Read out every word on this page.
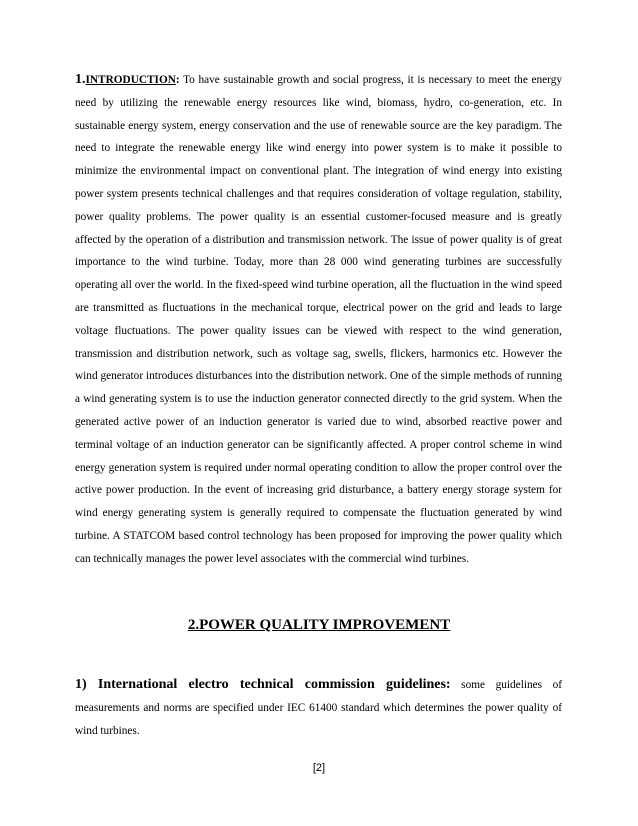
1.INTRODUCTION: To have sustainable growth and social progress, it is necessary to meet the energy need by utilizing the renewable energy resources like wind, biomass, hydro, co-generation, etc. In sustainable energy system, energy conservation and the use of renewable source are the key paradigm. The need to integrate the renewable energy like wind energy into power system is to make it possible to minimize the environmental impact on conventional plant. The integration of wind energy into existing power system presents technical challenges and that requires consideration of voltage regulation, stability, power quality problems. The power quality is an essential customer-focused measure and is greatly affected by the operation of a distribution and transmission network. The issue of power quality is of great importance to the wind turbine. Today, more than 28 000 wind generating turbines are successfully operating all over the world. In the fixed-speed wind turbine operation, all the fluctuation in the wind speed are transmitted as fluctuations in the mechanical torque, electrical power on the grid and leads to large voltage fluctuations. The power quality issues can be viewed with respect to the wind generation, transmission and distribution network, such as voltage sag, swells, flickers, harmonics etc. However the wind generator introduces disturbances into the distribution network. One of the simple methods of running a wind generating system is to use the induction generator connected directly to the grid system. When the generated active power of an induction generator is varied due to wind, absorbed reactive power and terminal voltage of an induction generator can be significantly affected. A proper control scheme in wind energy generation system is required under normal operating condition to allow the proper control over the active power production. In the event of increasing grid disturbance, a battery energy storage system for wind energy generating system is generally required to compensate the fluctuation generated by wind turbine. A STATCOM based control technology has been proposed for improving the power quality which can technically manages the power level associates with the commercial wind turbines.

2.POWER QUALITY IMPROVEMENT

1) International electro technical commission guidelines: some guidelines of measurements and norms are specified under IEC 61400 standard which determines the power quality of wind turbines.

[2]
